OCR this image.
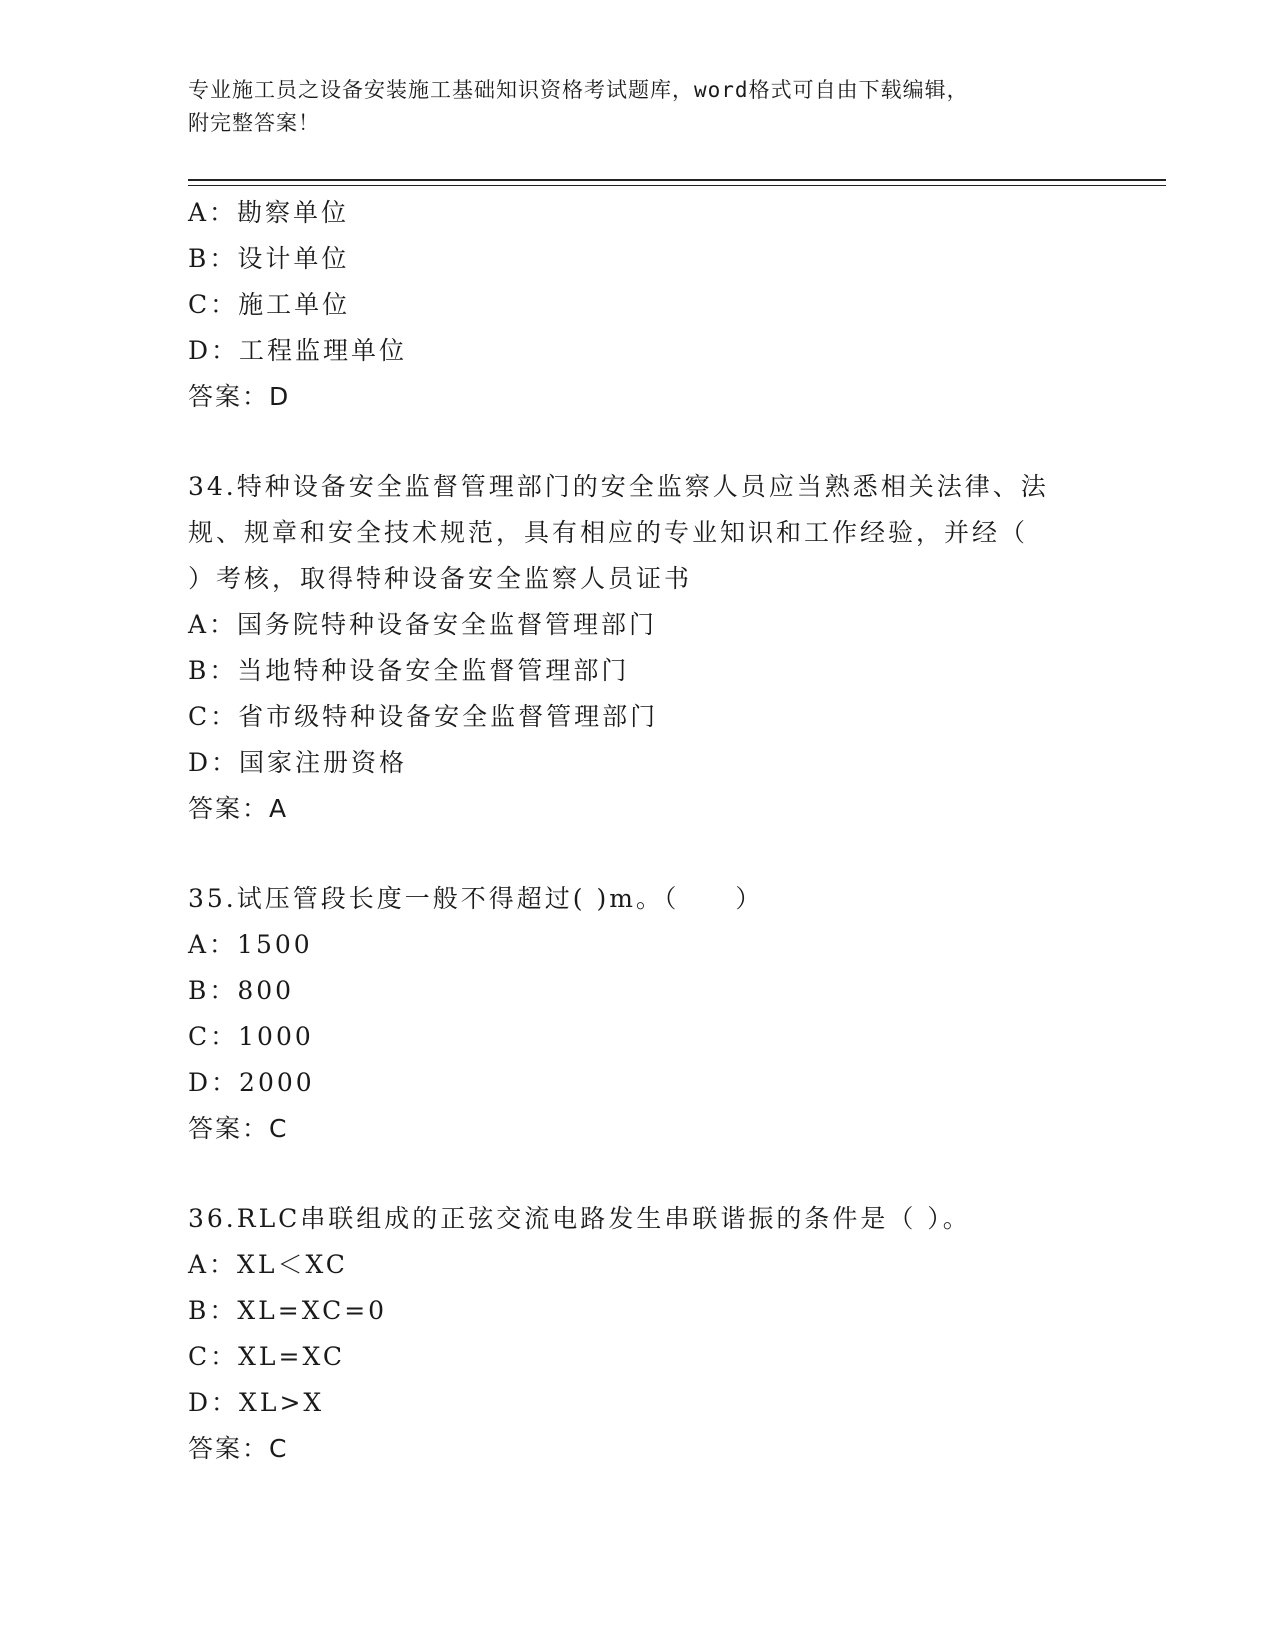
专业施工员之设备安装施工基础知识资格考试题库，word格式可自由下载编辑，
附完整答案！
A：勘察单位
B：设计单位
C：施工单位
D：工程监理单位
答案：D
34.特种设备安全监督管理部门的安全监察人员应当熟悉相关法律、法
规、规章和安全技术规范，具有相应的专业知识和工作经验，并经（
）考核，取得特种设备安全监察人员证书
A：国务院特种设备安全监督管理部门
B：当地特种设备安全监督管理部门
C：省市级特种设备安全监督管理部门
D：国家注册资格
答案：A
35.试压管段长度一般不得超过( )m。（　　）
A：1500
B：800
C：1000
D：2000
答案：C
36.RLC串联组成的正弦交流电路发生串联谐振的条件是（ ）。
A：XL＜XC
B：XL=XC=0
C：XL=XC
D：XL>X
答案：C
